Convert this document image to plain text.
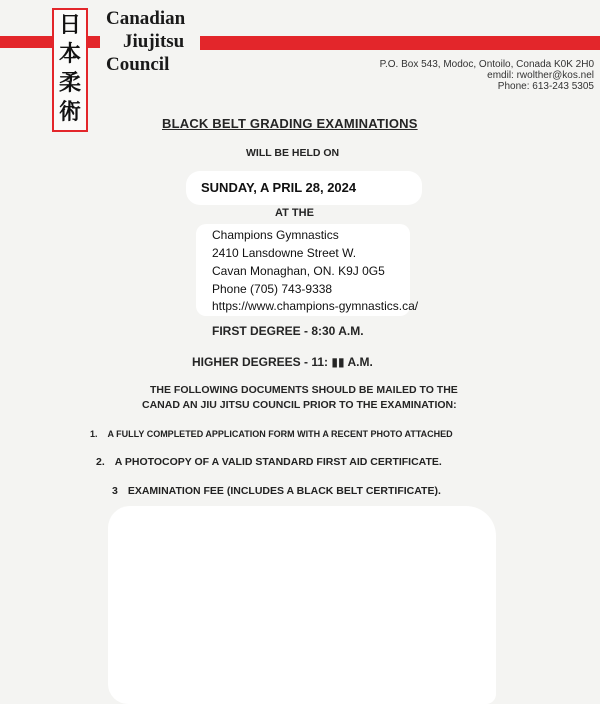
日
本
柔
術
Canadian
Jiujitsu
Council	P.O. Box 543, Modoc, Ontoilo, Conada K0K 2H0
emdil: rwolther@kos.nel
Phone: 613-243 5305
BLACK BELT GRADING EXAMINATIONS
WILL BE HELD ON
SUNDAY, A PRIL 28, 2024
AT THE
Champions Gymnastics
2410 Lansdowne Street W.
Cavan Monaghan, ON. K9J 0G5
Phone (705) 743-9338
https://www.champions-gymnastics.ca/
FIRST DEGREE - 8:30 A.M.
HIGHER DEGREES - 11: ▮▮ A.M.
THE FOLLOWING DOCUMENTS SHOULD BE MAILED TO THE
CANAD AN JIU JITSU COUNCIL PRIOR TO THE EXAMINATION:
1. A FULLY COMPLETED APPLICATION FORM WITH A RECENT PHOTO ATTACHED
2. A PHOTOCOPY OF A VALID STANDARD FIRST AID CERTIFICATE.
3 EXAMINATION FEE (INCLUDES A BLACK BELT CERTIFICATE).
